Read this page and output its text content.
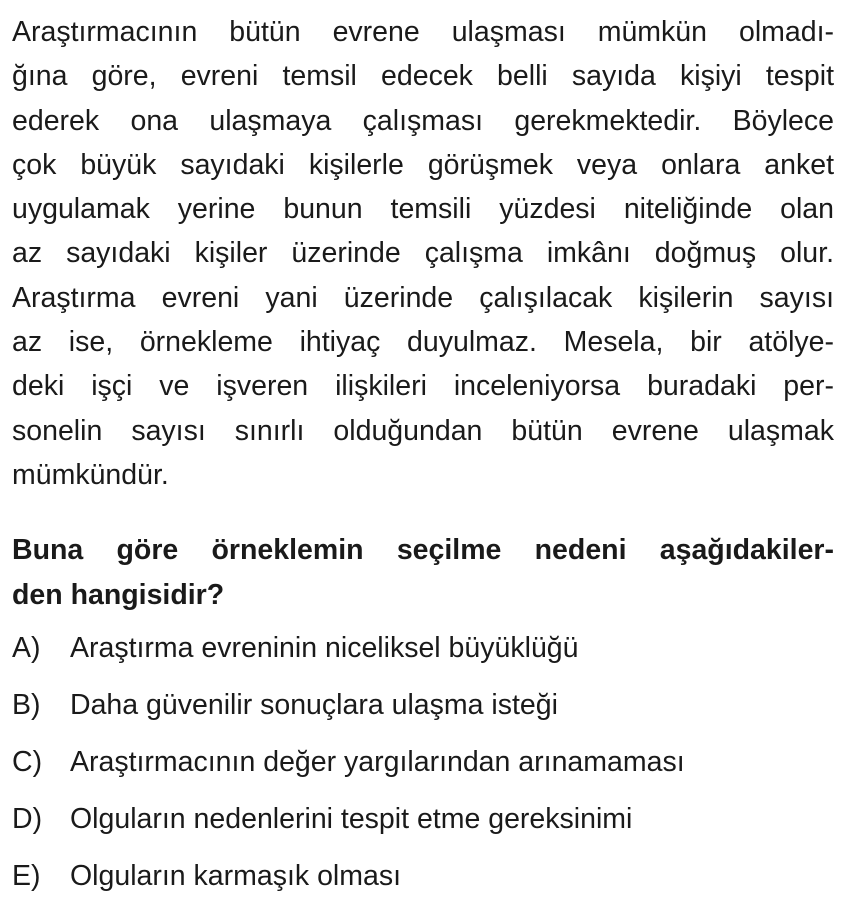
Araştırmacının bütün evrene ulaşması mümkün olmadı-
ğına göre, evreni temsil edecek belli sayıda kişiyi tespit
ederek ona ulaşmaya çalışması gerekmektedir. Böylece
çok büyük sayıdaki kişilerle görüşmek veya onlara anket
uygulamak yerine bunun temsili yüzdesi niteliğinde olan
az sayıdaki kişiler üzerinde çalışma imkânı doğmuş olur.
Araştırma evreni yani üzerinde çalışılacak kişilerin sayısı
az ise, örnekleme ihtiyaç duyulmaz. Mesela, bir atölye-
deki işçi ve işveren ilişkileri inceleniyorsa buradaki per-
sonelin sayısı sınırlı olduğundan bütün evrene ulaşmak
mümkündür.
Buna göre örneklemin seçilme nedeni aşağıdakiler-
den hangisidir?
A)	Araştırma evreninin niceliksel büyüklüğü
B)	Daha güvenilir sonuçlara ulaşma isteği
C) Araştırmacının değer yargılarından arınamaması
D) Olguların nedenlerini tespit etme gereksinimi
E)	Olguların karmaşık olması
